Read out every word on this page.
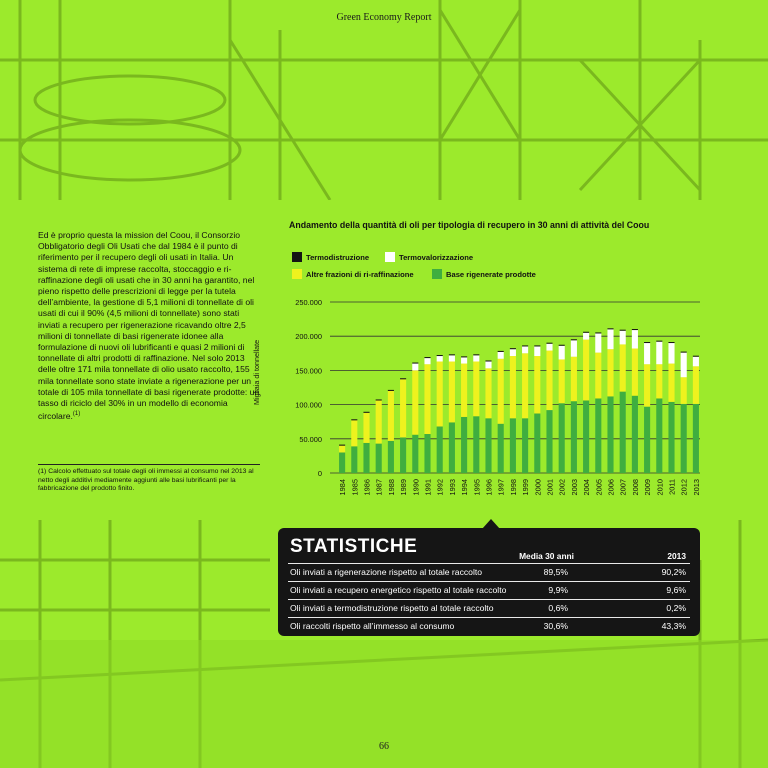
Green Economy Report
Ed è proprio questa la mission del Coou, il Consorzio Obbligatorio degli Oli Usati che dal 1984 è il punto di riferimento per il recupero degli oli usati in Italia. Un sistema di rete di imprese raccolta, stoccaggio e ri-raffinazione degli oli usati che in 30 anni ha garantito, nel pieno rispetto delle prescrizioni di legge per la tutela dell’ambiente, la gestione di 5,1 milioni di tonnellate di oli usati di cui il 90% (4,5 milioni di tonnellate) sono stati inviati a recupero per rigenerazione ricavando oltre 2,5 milioni di tonnellate di basi rigenerate idonee alla formulazione di nuovi oli lubrificanti e quasi 2 milioni di tonnellate di altri prodotti di raffinazione. Nel solo 2013 delle oltre 171 mila tonnellate di olio usato raccolto, 155 mila tonnellate sono state inviate a rigenerazione per un totale di 105 mila tonnellate di basi rigenerate prodotte: un tasso di riciclo del 30% in un modello di economia circolare.$^{(1)}$
(1) Calcolo effettuato sul totale degli oli immessi al consumo nel 2013 al netto degli additivi mediamente aggiunti alle basi lubrificanti per la fabbricazione del prodotto finito.
Andamento della quantità di oli per tipologia di recupero in 30 anni di attività del Coou
Termodistruzione	Termovalorizzazione
Altre frazioni di ri-raffinazione	Base rigenerate prodotte
Migliaia di tonnellate
0
50.000
100.000
150.000
200.000
250.000
1984 1985 1986 1987 1988 1989 1990 1991 1992 1993 1994 1995 1996 1997 1998 1999 2000 2001 2002 2003 2004 2005 2006 2007 2008 2009 2010 2011 2012 2013
STATISTICHE	Media 30 anni	2013
Oli inviati a rigenerazione rispetto al totale raccolto	89,5%	90,2%
Oli inviati a recupero energetico rispetto al totale raccolto	9,9%	9,6%
Oli inviati a termodistruzione rispetto al totale raccolto	0,6%	0,2%
Oli raccolti rispetto all’immesso al consumo	30,6%	43,3%
66
